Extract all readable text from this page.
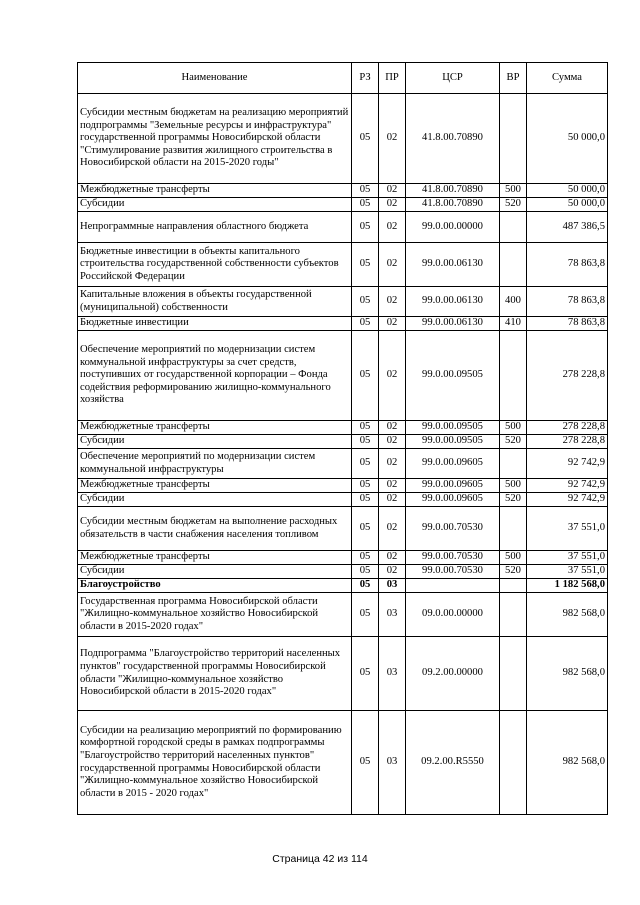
Наименование	РЗ	ПР	ЦСР	ВР	Сумма
Субсидии местным бюджетам на реализацию мероприятий подпрограммы "Земельные ресурсы и инфраструктура" государственной программы Новосибирской области "Стимулирование развития жилищного строительства в Новосибирской области на 2015-2020 годы"	05	02	41.8.00.70890		50 000,0
Межбюджетные трансферты	05	02	41.8.00.70890	500	50 000,0
Субсидии	05	02	41.8.00.70890	520	50 000,0
Непрограммные направления областного бюджета	05	02	99.0.00.00000		487 386,5
Бюджетные инвестиции в объекты капитального строительства государственной собственности субъектов Российской Федерации	05	02	99.0.00.06130		78 863,8
Капитальные вложения в объекты государственной (муниципальной) собственности	05	02	99.0.00.06130	400	78 863,8
Бюджетные инвестиции	05	02	99.0.00.06130	410	78 863,8
Обеспечение мероприятий по модернизации систем коммунальной инфраструктуры за счет средств, поступивших от государственной корпорации – Фонда содействия реформированию жилищно-коммунального хозяйства	05	02	99.0.00.09505		278 228,8
Межбюджетные трансферты	05	02	99.0.00.09505	500	278 228,8
Субсидии	05	02	99.0.00.09505	520	278 228,8
Обеспечение мероприятий по модернизации систем коммунальной инфраструктуры	05	02	99.0.00.09605		92 742,9
Межбюджетные трансферты	05	02	99.0.00.09605	500	92 742,9
Субсидии	05	02	99.0.00.09605	520	92 742,9
Субсидии местным бюджетам на выполнение расходных обязательств в части снабжения населения топливом	05	02	99.0.00.70530		37 551,0
Межбюджетные трансферты	05	02	99.0.00.70530	500	37 551,0
Субсидии	05	02	99.0.00.70530	520	37 551,0
Благоустройство	05	03			1 182 568,0
Государственная программа Новосибирской области "Жилищно-коммунальное хозяйство Новосибирской области в 2015-2020 годах"	05	03	09.0.00.00000		982 568,0
Подпрограмма "Благоустройство территорий населенных пунктов" государственной программы Новосибирской области "Жилищно-коммунальное хозяйство Новосибирской области в 2015-2020 годах"	05	03	09.2.00.00000		982 568,0
Субсидии на реализацию мероприятий по формированию комфортной городской среды в рамках подпрограммы "Благоустройство территорий населенных пунктов" государственной программы Новосибирской области "Жилищно-коммунальное хозяйство Новосибирской области в 2015 - 2020 годах"	05	03	09.2.00.R5550		982 568,0
Страница 42 из 114
